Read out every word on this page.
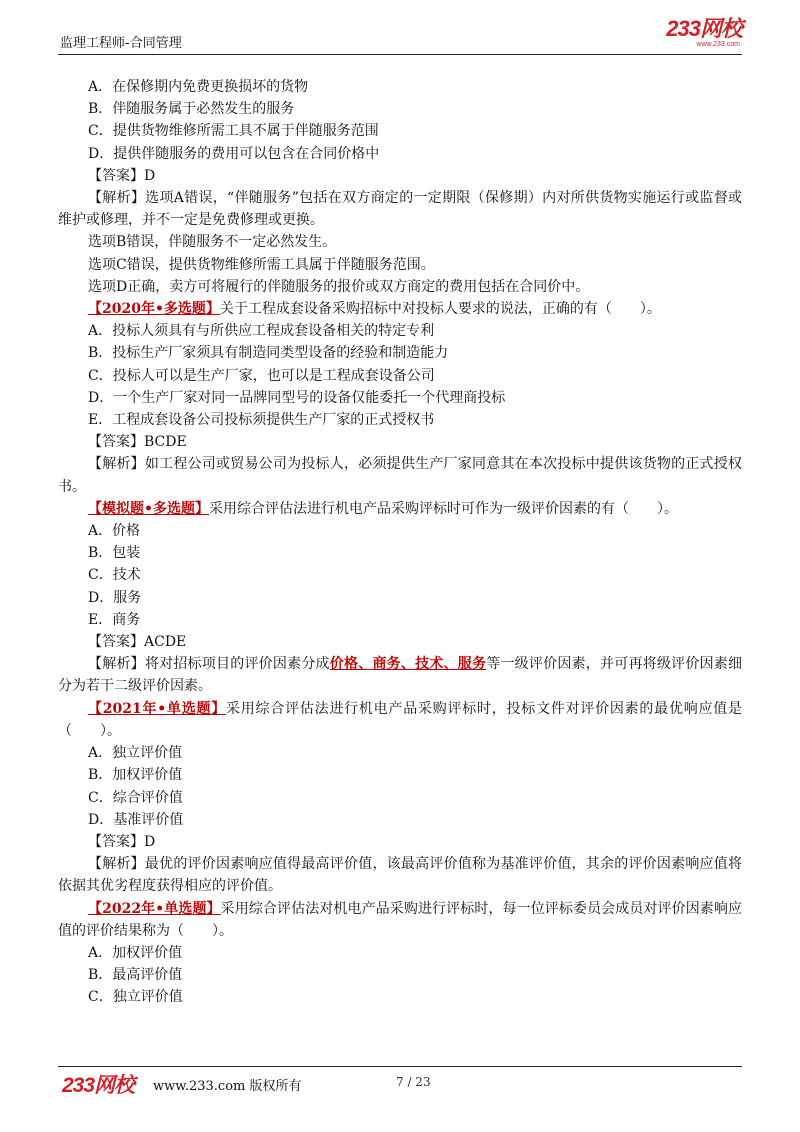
监理工程师-合同管理
233网校
www.233.com
A．在保修期内免费更换损坏的货物
B．伴随服务属于必然发生的服务
C．提供货物维修所需工具不属于伴随服务范围
D．提供伴随服务的费用可以包含在合同价格中
【答案】D
【解析】选项A错误，“伴随服务”包括在双方商定的一定期限（保修期）内对所供货物实施运行或监督或维护或修理，并不一定是免费修理或更换。
选项B错误，伴随服务不一定必然发生。
选项C错误，提供货物维修所需工具属于伴随服务范围。
选项D正确，卖方可将履行的伴随服务的报价或双方商定的费用包括在合同价中。
【2020年•多选题】关于工程成套设备采购招标中对投标人要求的说法，正确的有（　　）。
A．投标人须具有与所供应工程成套设备相关的特定专利
B．投标生产厂家须具有制造同类型设备的经验和制造能力
C．投标人可以是生产厂家，也可以是工程成套设备公司
D．一个生产厂家对同一品牌同型号的设备仅能委托一个代理商投标
E．工程成套设备公司投标须提供生产厂家的正式授权书
【答案】BCDE
【解析】如工程公司或贸易公司为投标人，必须提供生产厂家同意其在本次投标中提供该货物的正式授权书。
【模拟题•多选题】采用综合评估法进行机电产品采购评标时可作为一级评价因素的有（　　）。
A．价格
B．包装
C．技术
D．服务
E．商务
【答案】ACDE
【解析】将对招标项目的评价因素分成价格、商务、技术、服务等一级评价因素，并可再将级评价因素细分为若干二级评价因素。
【2021年•单选题】采用综合评估法进行机电产品采购评标时，投标文件对评价因素的最优响应值是（　　）。
A．独立评价值
B．加权评价值
C．综合评价值
D．基准评价值
【答案】D
【解析】最优的评价因素响应值得最高评价值，该最高评价值称为基准评价值，其余的评价因素响应值将依据其优劣程度获得相应的评价值。
【2022年•单选题】采用综合评估法对机电产品采购进行评标时，每一位评标委员会成员对评价因素响应值的评价结果称为（　　）。
A．加权评价值
B．最高评价值
C．独立评价值
233网校 www.233.com 版权所有	7 / 23
